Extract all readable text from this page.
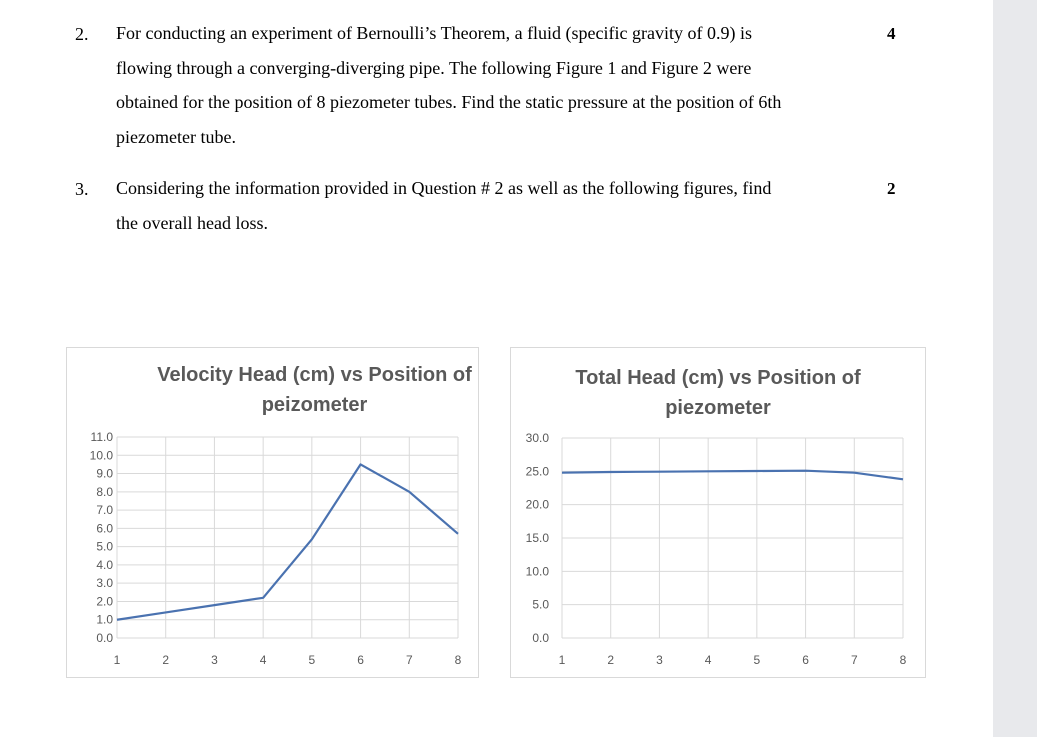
2. For conducting an experiment of Bernoulli’s Theorem, a fluid (specific gravity of 0.9) is
flowing through a converging-diverging pipe. The following Figure 1 and Figure 2 were
obtained for the position of 8 piezometer tubes. Find the static pressure at the position of 6th
piezometer tube.
4
3. Considering the information provided in Question # 2 as well as the following figures, find
the overall head loss.
2
Velocity Head (cm) vs Position of
peizometer
0.0
1.0
2.0
3.0
4.0
5.0
6.0
7.0
8.0
9.0
10.0
11.0
1	2	3	4	5	6	7	8
Total Head (cm) vs Position of
piezometer
0.0
5.0
10.0
15.0
20.0
25.0
30.0
1	2	3	4	5	6	7	8
